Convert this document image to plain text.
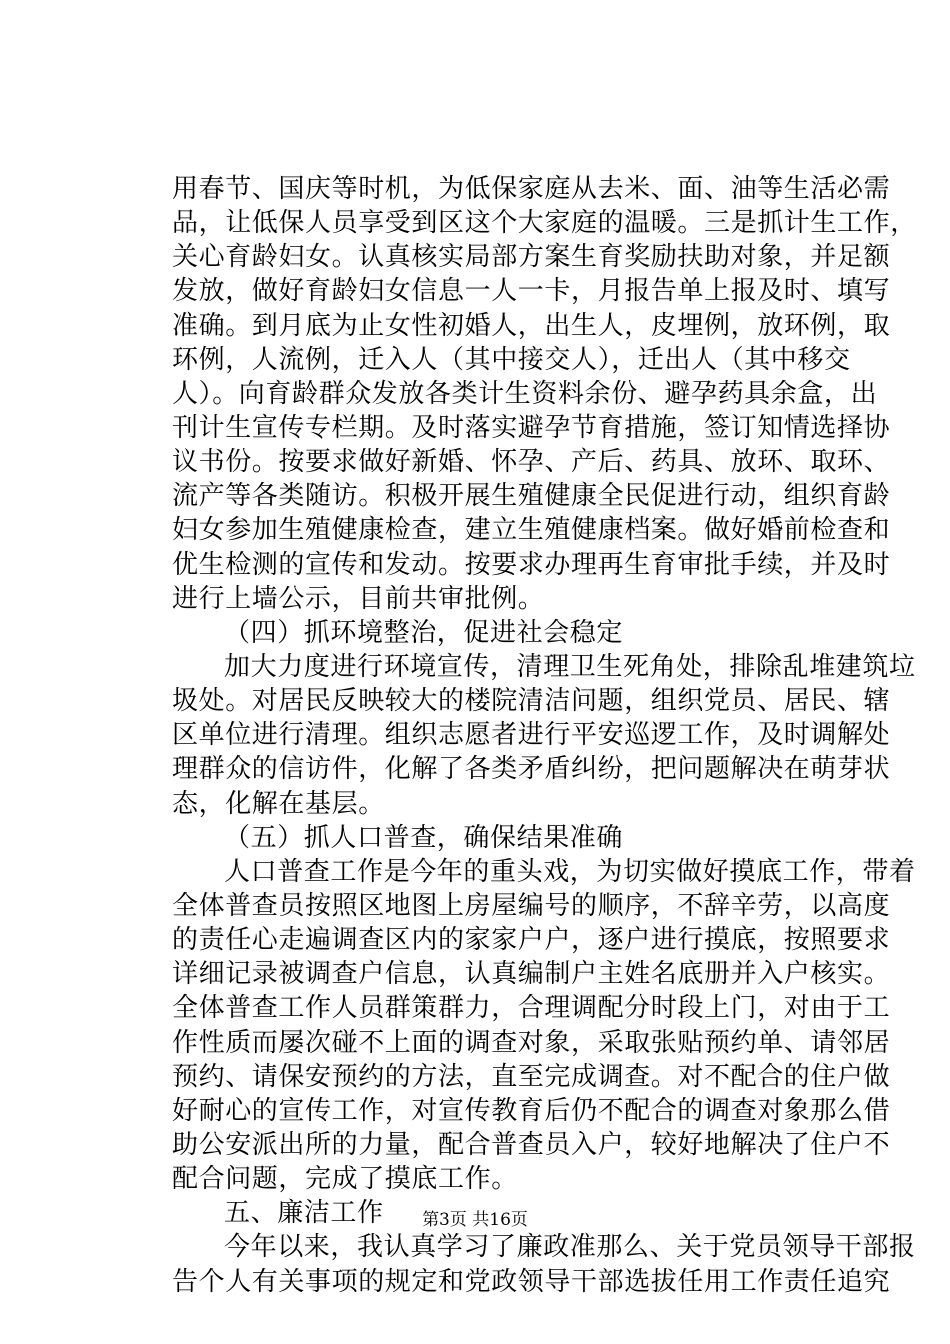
用春节、国庆等时机，为低保家庭从去米、面、油等生活必需
品，让低保人员享受到区这个大家庭的温暖。三是抓计生工作，
关心育龄妇女。认真核实局部方案生育奖励扶助对象，并足额
发放，做好育龄妇女信息一人一卡，月报告单上报及时、填写
准确。到月底为止女性初婚人，出生人，皮埋例，放环例，取
环例，人流例，迁入人（其中接交人），迁出人（其中移交
人）。向育龄群众发放各类计生资料余份、避孕药具余盒，出
刊计生宣传专栏期。及时落实避孕节育措施，签订知情选择协
议书份。按要求做好新婚、怀孕、产后、药具、放环、取环、
流产等各类随访。积极开展生殖健康全民促进行动，组织育龄
妇女参加生殖健康检查，建立生殖健康档案。做好婚前检查和
优生检测的宣传和发动。按要求办理再生育审批手续，并及时
进行上墙公示，目前共审批例。
（四）抓环境整治，促进社会稳定
加大力度进行环境宣传，清理卫生死角处，排除乱堆建筑垃
圾处。对居民反映较大的楼院清洁问题，组织党员、居民、辖
区单位进行清理。组织志愿者进行平安巡逻工作，及时调解处
理群众的信访件，化解了各类矛盾纠纷，把问题解决在萌芽状
态，化解在基层。
（五）抓人口普查，确保结果准确
人口普查工作是今年的重头戏，为切实做好摸底工作，带着
全体普查员按照区地图上房屋编号的顺序，不辞辛劳，以高度
的责任心走遍调查区内的家家户户，逐户进行摸底，按照要求
详细记录被调查户信息，认真编制户主姓名底册并入户核实。
全体普查工作人员群策群力，合理调配分时段上门，对由于工
作性质而屡次碰不上面的调查对象，采取张贴预约单、请邻居
预约、请保安预约的方法，直至完成调查。对不配合的住户做
好耐心的宣传工作，对宣传教育后仍不配合的调查对象那么借
助公安派出所的力量，配合普查员入户，较好地解决了住户不
配合问题，完成了摸底工作。
五、廉洁工作
今年以来，我认真学习了廉政准那么、关于党员领导干部报
告个人有关事项的规定和党政领导干部选拔任用工作责任追究
第3页 共16页
